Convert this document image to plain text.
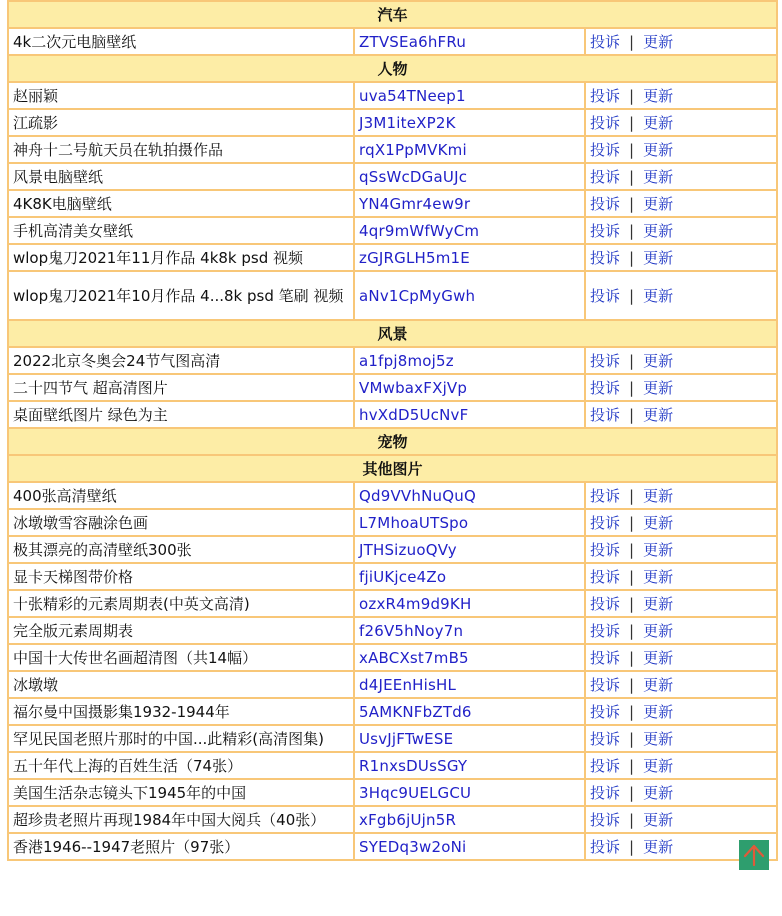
汽车		
4k二次元电脑壁纸	ZTVSEa6hFRu	投诉 | 更新
人物		
赵丽颖	uva54TNeep1	投诉 | 更新
江疏影	J3M1iteXP2K	投诉 | 更新
神舟十二号航天员在轨拍摄作品	rqX1PpMVKmi	投诉 | 更新
风景电脑壁纸	qSsWcDGaUJc	投诉 | 更新
4K8K电脑壁纸	YN4Gmr4ew9r	投诉 | 更新
手机高清美女壁纸	4qr9mWfWyCm	投诉 | 更新
wlop鬼刀2021年11月作品 4k8k psd 视频	zGJRGLH5m1E	投诉 | 更新
wlop鬼刀2021年10月作品 4...8k psd 笔刷 视频	aNv1CpMyGwh	投诉 | 更新
风景		
2022北京冬奥会24节气图高清	a1fpj8moj5z	投诉 | 更新
二十四节气 超高清图片	VMwbaxFXjVp	投诉 | 更新
桌面壁纸图片 绿色为主	hvXdD5UcNvF	投诉 | 更新
宠物		
其他图片		
400张高清壁纸	Qd9VVhNuQuQ	投诉 | 更新
冰墩墩雪容融涂色画	L7MhoaUTSpo	投诉 | 更新
极其漂亮的高清壁纸300张	JTHSizuoQVy	投诉 | 更新
显卡天梯图带价格	fjiUKjce4Zo	投诉 | 更新
十张精彩的元素周期表(中英文高清)	ozxR4m9d9KH	投诉 | 更新
完全版元素周期表	f26V5hNoy7n	投诉 | 更新
中国十大传世名画超清图（共14幅）	xABCXst7mB5	投诉 | 更新
冰墩墩	d4JEEnHisHL	投诉 | 更新
福尔曼中国摄影集1932-1944年	5AMKNFbZTd6	投诉 | 更新
罕见民国老照片那时的中国...此精彩(高清图集)	UsvJjFTwESE	投诉 | 更新
五十年代上海的百姓生活（74张）	R1nxsDUsSGY	投诉 | 更新
美国生活杂志镜头下1945年的中国	3Hqc9UELGCU	投诉 | 更新
超珍贵老照片再现1984年中国大阅兵（40张）	xFgb6jUjn5R	投诉 | 更新
香港1946--1947老照片（97张）	SYEDq3w2oNi	投诉 | 更新
